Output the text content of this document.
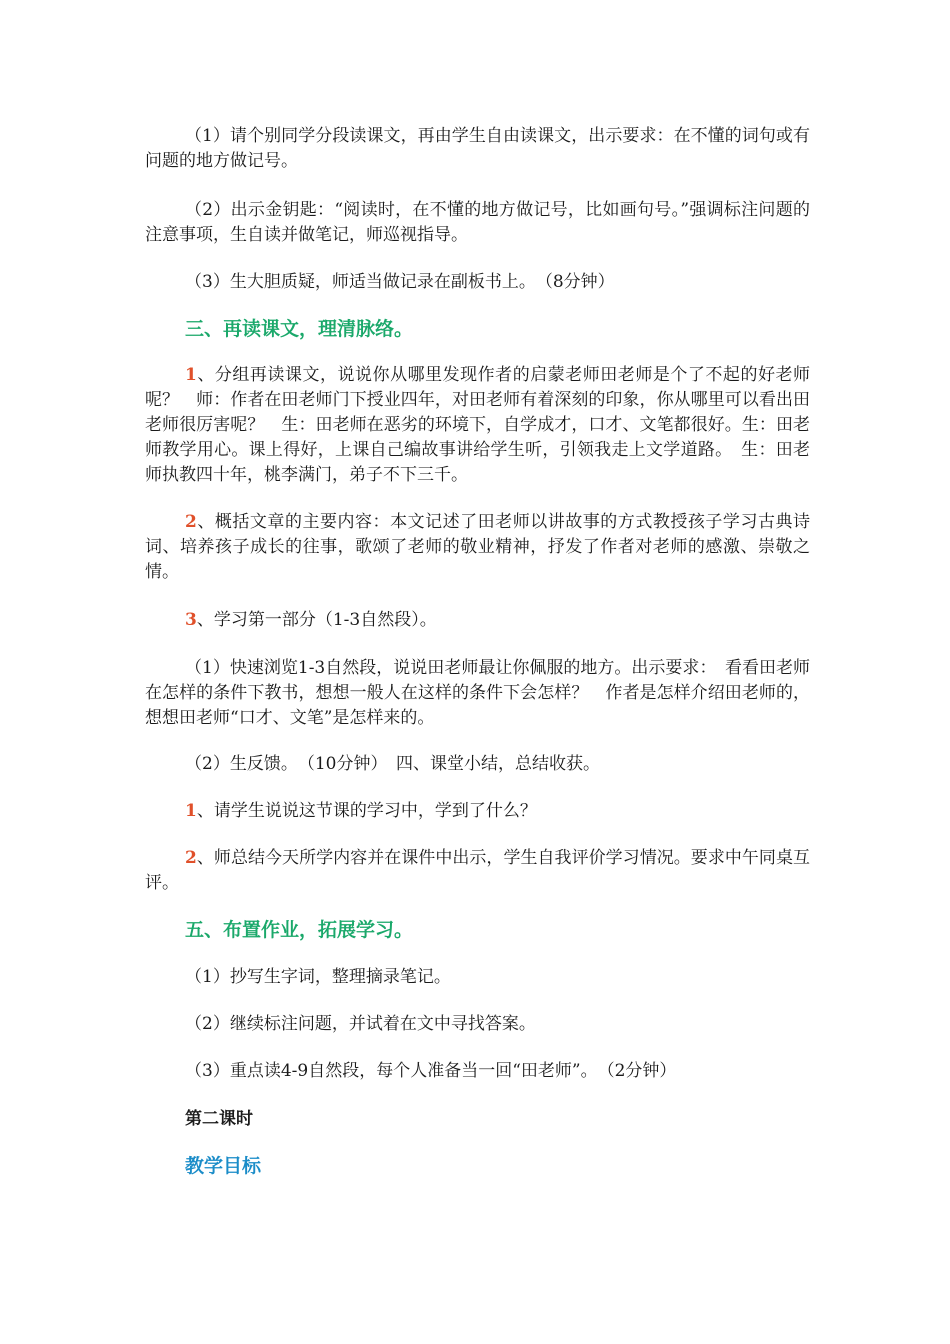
（1）请个别同学分段读课文，再由学生自由读课文，出示要求：在不懂的词句或有问题的地方做记号。

（2）出示金钥匙：“阅读时，在不懂的地方做记号，比如画句号。”强调标注问题的注意事项，生自读并做笔记，师巡视指导。

（3）生大胆质疑，师适当做记录在副板书上。　（8分钟）

三、再读课文，理清脉络。

1、分组再读课文，说说你从哪里发现作者的启蒙老师田老师是个了不起的好老师呢？　师：作者在田老师门下授业四年，对田老师有着深刻的印象，你从哪里可以看出田老师很厉害呢？　生：田老师在恶劣的环境下，自学成才，口才、文笔都很好。生：田老师教学用心。课上得好，上课自己编故事讲给学生听，引领我走上文学道路。　生：田老师执教四十年，桃李满门，弟子不下三千。

2、概括文章的主要内容：本文记述了田老师以讲故事的方式教授孩子学习古典诗词、培养孩子成长的往事，歌颂了老师的敬业精神，抒发了作者对老师的感激、崇敬之情。

3、学习第一部分（1-3自然段）。

（1）快速浏览1-3自然段，说说田老师最让你佩服的地方。出示要求：　看看田老师在怎样的条件下教书，想想一般人在这样的条件下会怎样？　作者是怎样介绍田老师的，想想田老师“口才、文笔”是怎样来的。

（2）生反馈。　（10分钟）　四、课堂小结，总结收获。

1、请学生说说这节课的学习中，学到了什么？

2、师总结今天所学内容并在课件中出示，学生自我评价学习情况。要求中午同桌互评。

五、布置作业，拓展学习。

（1）抄写生字词，整理摘录笔记。

（2）继续标注问题，并试着在文中寻找答案。

（3）重点读4-9自然段，每个人准备当一回“田老师”。　（2分钟）

第二课时

教学目标
